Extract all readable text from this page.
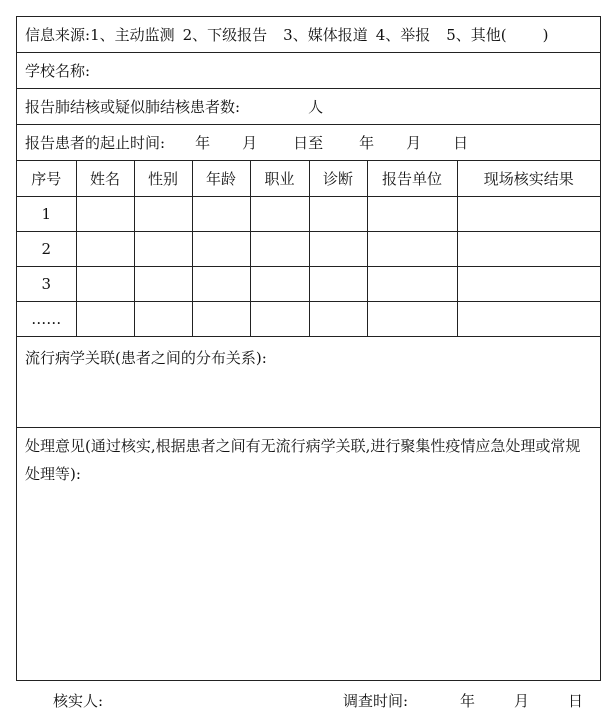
信息来源: 1、主动监测 2、下级报告 3、媒体报道 4、举报 5、其他( )
学校名称:
报告肺结核或疑似肺结核患者数:	人
报告患者的起止时间: 年 月 日 至 年 月 日
序号	姓名	性别	年龄	职业	诊断	报告单位	现场核实结果
1							
2							
3							
……							
流行病学关联(患者之间的分布关系):
处理意见(通过核实,根据患者之间有无流行病学关联,进行聚集性疫情应急处理或常规处理等):
核实人:	调查时间:	年	月	日
